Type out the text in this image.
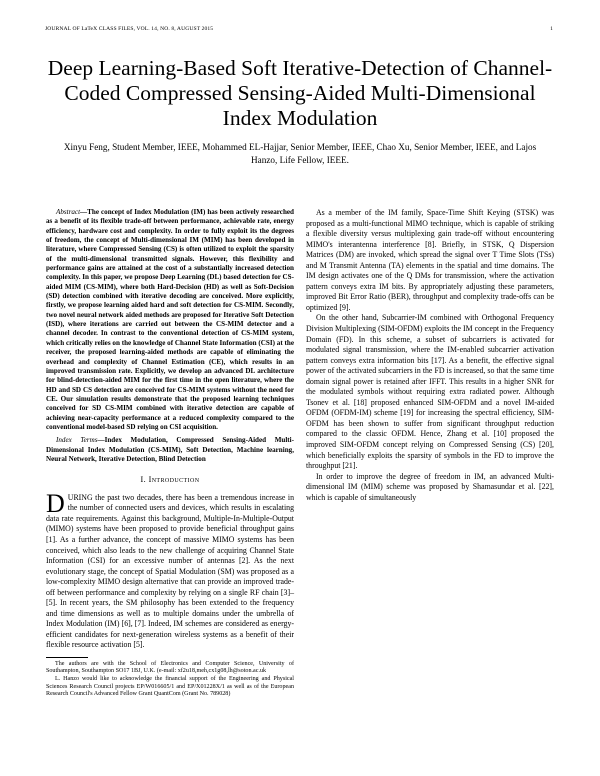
JOURNAL OF LaTeX CLASS FILES, VOL. 14, NO. 8, AUGUST 2015	1
Deep Learning-Based Soft Iterative-Detection of Channel-Coded Compressed Sensing-Aided Multi-Dimensional Index Modulation
Xinyu Feng, Student Member, IEEE, Mohammed EL-Hajjar, Senior Member, IEEE, Chao Xu, Senior Member, IEEE, and Lajos Hanzo, Life Fellow, IEEE.

Abstract—The concept of Index Modulation (IM) has been actively researched as a benefit of its flexible trade-off between performance, achievable rate, energy efficiency, hardware cost and complexity. In order to fully exploit its the degrees of freedom, the concept of Multi-dimensional IM (MIM) has been developed in literature, where Compressed Sensing (CS) is often utilized to exploit the sparsity of the multi-dimensional transmitted signals. However, this flexibility and performance gains are attained at the cost of a substantially increased detection complexity. In this paper, we propose Deep Learning (DL) based detection for CS-aided MIM (CS-MIM), where both Hard-Decision (HD) as well as Soft-Decision (SD) detection combined with iterative decoding are conceived. More explicitly, firstly, we propose learning aided hard and soft detection for CS-MIM. Secondly, two novel neural network aided methods are proposed for Iterative Soft Detection (ISD), where iterations are carried out between the CS-MIM detector and a channel decoder. In contrast to the conventional detection of CS-MIM system, which critically relies on the knowledge of Channel State Information (CSI) at the receiver, the proposed learning-aided methods are capable of eliminating the overhead and complexity of Channel Estimation (CE), which results in an improved transmission rate. Explicitly, we develop an advanced DL architecture for blind-detection-aided MIM for the first time in the open literature, where the HD and SD CS detection are conceived for CS-MIM systems without the need for CE. Our simulation results demonstrate that the proposed learning techniques conceived for SD CS-MIM combined with iterative detection are capable of achieving near-capacity performance at a reduced complexity compared to the conventional model-based SD relying on CSI acquisition.

Index Terms—Index Modulation, Compressed Sensing-Aided Multi-Dimensional Index Modulation (CS-MIM), Soft Detection, Machine learning, Neural Network, Iterative Detection, Blind Detection

I. Introduction

DURING the past two decades, there has been a tremendous increase in the number of connected users and devices, which results in escalating data rate requirements. Against this background, Multiple-In-Multiple-Output (MIMO) systems have been proposed to provide beneficial throughput gains [1]. As a further advance, the concept of massive MIMO systems has been conceived, which also leads to the new challenge of acquiring Channel State Information (CSI) for an excessive number of antennas [2]. As the next evolutionary stage, the concept of Spatial Modulation (SM) was proposed as a low-complexity MIMO design alternative that can provide an improved trade-off between performance and complexity by relying on a single RF chain [3]–[5]. In recent years, the SM philosophy has been extended to the frequency and time dimensions as well as to multiple domains under the umbrella of Index Modulation (IM) [6], [7]. Indeed, IM schemes are considered as energy-efficient candidates for next-generation wireless systems as a benefit of their flexible resource activation [5].

The authors are with the School of Electronics and Computer Science, University of Southampton, Southampton SO17 1BJ, U.K. (e-mail: xf2u18,meh,cx1g08,lh@soton.ac.uk

L. Hanzo would like to acknowledge the financial support of the Engineering and Physical Sciences Research Council projects EP/W016605/1 and EP/X01228X/1 as well as of the European Research Council's Advanced Fellow Grant QuantCom (Grant No. 789028)

As a member of the IM family, Space-Time Shift Keying (STSK) was proposed as a multi-functional MIMO technique, which is capable of striking a flexible diversity versus multiplexing gain trade-off without encountering MIMO's interantenna interference [8]. Briefly, in STSK, Q Dispersion Matrices (DM) are invoked, which spread the signal over T Time Slots (TSs) and M Transmit Antenna (TA) elements in the spatial and time domains. The IM design activates one of the Q DMs for transmission, where the activation pattern conveys extra IM bits. By appropriately adjusting these parameters, improved Bit Error Ratio (BER), throughput and complexity trade-offs can be optimized [9].

On the other hand, Subcarrier-IM combined with Orthogonal Frequency Division Multiplexing (SIM-OFDM) exploits the IM concept in the Frequency Domain (FD). In this scheme, a subset of subcarriers is activated for modulated signal transmission, where the IM-enabled subcarrier activation pattern conveys extra information bits [17]. As a benefit, the effective signal power of the activated subcarriers in the FD is increased, so that the same time domain signal power is retained after IFFT. This results in a higher SNR for the modulated symbols without requiring extra radiated power. Although Tsonev et al. [18] proposed enhanced SIM-OFDM and a novel IM-aided OFDM (OFDM-IM) scheme [19] for increasing the spectral efficiency, SIM-OFDM has been shown to suffer from significant throughput reduction compared to the classic OFDM. Hence, Zhang et al. [10] proposed the improved SIM-OFDM concept relying on Compressed Sensing (CS) [20], which beneficially exploits the sparsity of symbols in the FD to improve the throughput [21].

In order to improve the degree of freedom in IM, an advanced Multi-dimensional IM (MIM) scheme was proposed by Shamasundar et al. [22], which is capable of simultaneously
